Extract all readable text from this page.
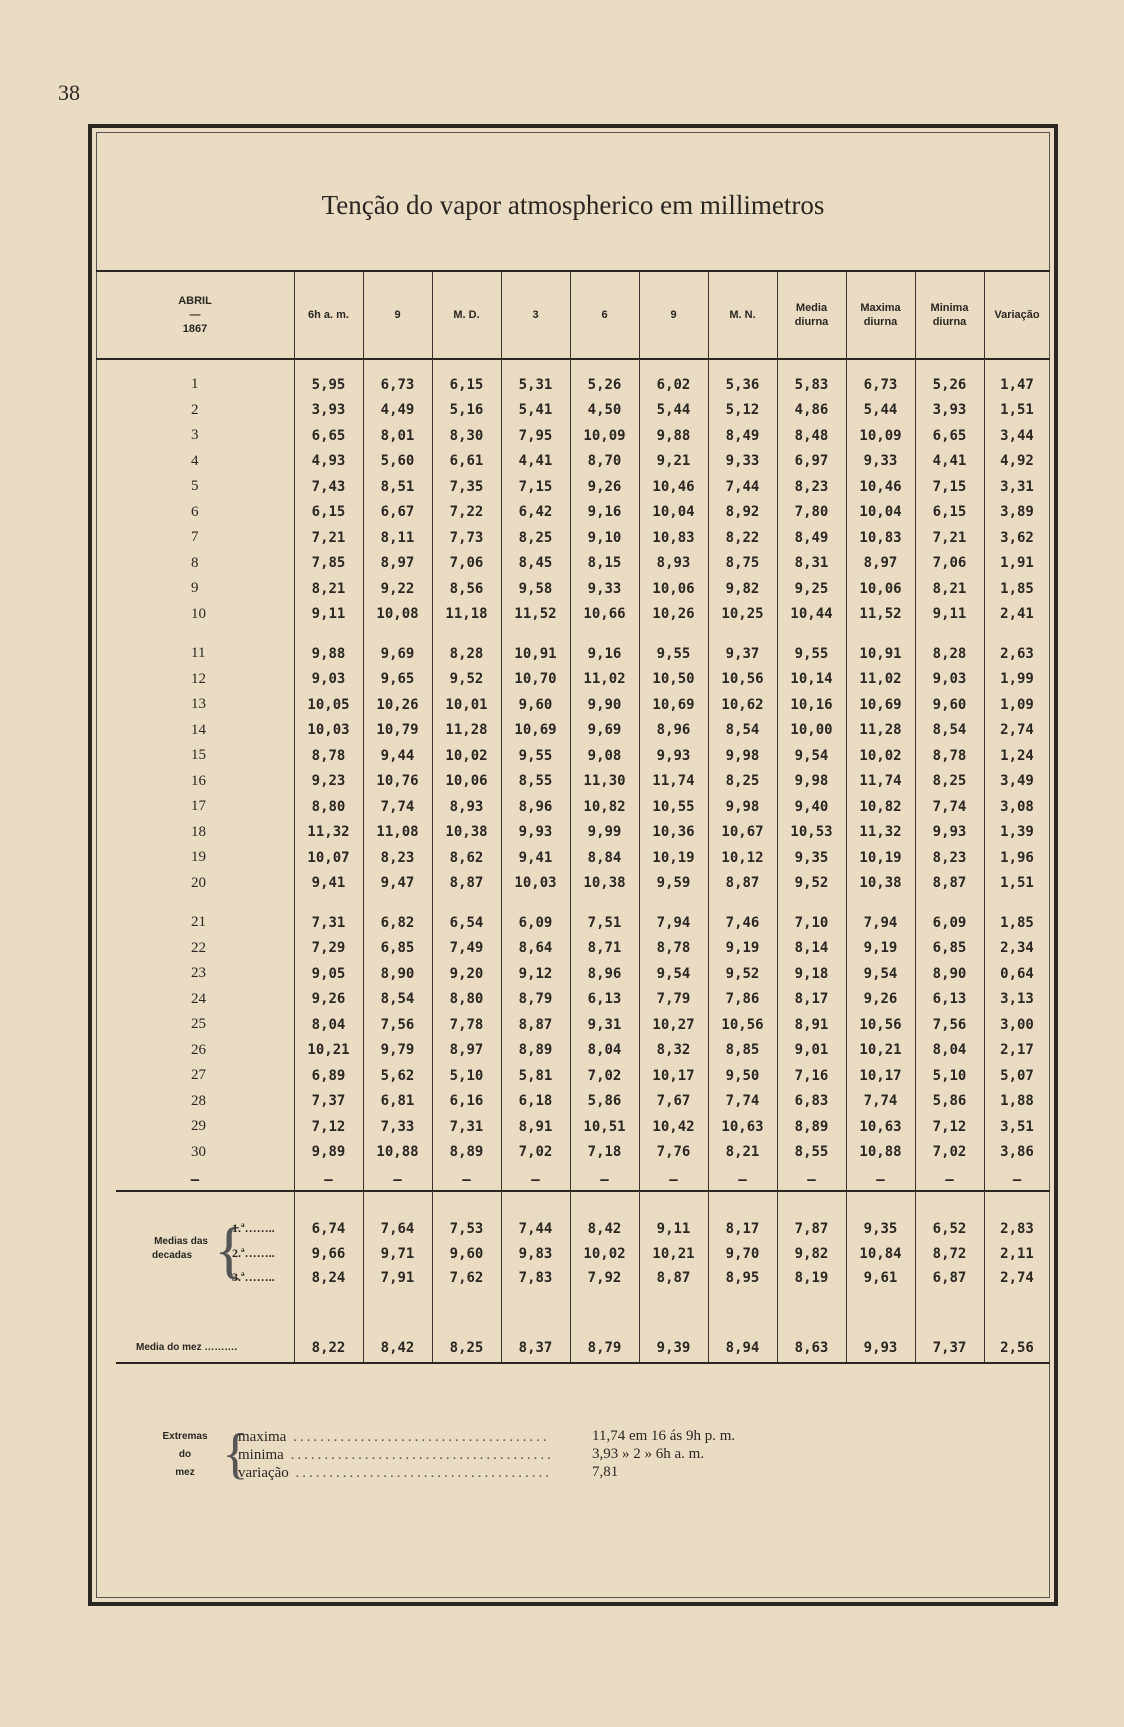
38
Tenção do vapor atmospherico em millimetros
ABRIL
—
1867	6h a. m.	9	M. D.	3	6	9	M. N.	Media diurna	Maxima diurna	Minima diurna	Variação

1	5,95	6,73	6,15	5,31	5,26	6,02	5,36	5,83	6,73	5,26	1,47
2	3,93	4,49	5,16	5,41	4,50	5,44	5,12	4,86	5,44	3,93	1,51
3	6,65	8,01	8,30	7,95	10,09	9,88	8,49	8,48	10,09	6,65	3,44
4	4,93	5,60	6,61	4,41	8,70	9,21	9,33	6,97	9,33	4,41	4,92
5	7,43	8,51	7,35	7,15	9,26	10,46	7,44	8,23	10,46	7,15	3,31
6	6,15	6,67	7,22	6,42	9,16	10,04	8,92	7,80	10,04	6,15	3,89
7	7,21	8,11	7,73	8,25	9,10	10,83	8,22	8,49	10,83	7,21	3,62
8	7,85	8,97	7,06	8,45	8,15	8,93	8,75	8,31	8,97	7,06	1,91
9	8,21	9,22	8,56	9,58	9,33	10,06	9,82	9,25	10,06	8,21	1,85
10	9,11	10,08	11,18	11,52	10,66	10,26	10,25	10,44	11,52	9,11	2,41

11	9,88	9,69	8,28	10,91	9,16	9,55	9,37	9,55	10,91	8,28	2,63
12	9,03	9,65	9,52	10,70	11,02	10,50	10,56	10,14	11,02	9,03	1,99
13	10,05	10,26	10,01	9,60	9,90	10,69	10,62	10,16	10,69	9,60	1,09
14	10,03	10,79	11,28	10,69	9,69	8,96	8,54	10,00	11,28	8,54	2,74
15	8,78	9,44	10,02	9,55	9,08	9,93	9,98	9,54	10,02	8,78	1,24
16	9,23	10,76	10,06	8,55	11,30	11,74	8,25	9,98	11,74	8,25	3,49
17	8,80	7,74	8,93	8,96	10,82	10,55	9,98	9,40	10,82	7,74	3,08
18	11,32	11,08	10,38	9,93	9,99	10,36	10,67	10,53	11,32	9,93	1,39
19	10,07	8,23	8,62	9,41	8,84	10,19	10,12	9,35	10,19	8,23	1,96
20	9,41	9,47	8,87	10,03	10,38	9,59	8,87	9,52	10,38	8,87	1,51

21	7,31	6,82	6,54	6,09	7,51	7,94	7,46	7,10	7,94	6,09	1,85
22	7,29	6,85	7,49	8,64	8,71	8,78	9,19	8,14	9,19	6,85	2,34
23	9,05	8,90	9,20	9,12	8,96	9,54	9,52	9,18	9,54	8,90	0,64
24	9,26	8,54	8,80	8,79	6,13	7,79	7,86	8,17	9,26	6,13	3,13
25	8,04	7,56	7,78	8,87	9,31	10,27	10,56	8,91	10,56	7,56	3,00
26	10,21	9,79	8,97	8,89	8,04	8,32	8,85	9,01	10,21	8,04	2,17
27	6,89	5,62	5,10	5,81	7,02	10,17	9,50	7,16	10,17	5,10	5,07
28	7,37	6,81	6,16	6,18	5,86	7,67	7,74	6,83	7,74	5,86	1,88
29	7,12	7,33	7,31	8,91	10,51	10,42	10,63	8,89	10,63	7,12	3,51
30	9,89	10,88	8,89	7,02	7,18	7,76	8,21	8,55	10,88	7,02	3,86
—	—	—	—	—	—	—	—	—	—	—	—

Medias das
decadas {
1.ª……..	6,74	7,64	7,53	7,44	8,42	9,11	8,17	7,87	9,35	6,52	2,83

2.ª……..	9,66	9,71	9,60	9,83	10,02	10,21	9,70	9,82	10,84	8,72	2,11

3.ª……..	8,24	7,91	7,62	7,83	7,92	8,87	8,95	8,19	9,61	6,87	2,74

Media do mez ……….	8,22	8,42	8,25	8,37	8,79	9,39	8,94	8,63	9,93	7,37	2,56
Extremas
do
mez {
maxima ......................................	11,74 em 16 ás 9h p. m.
minima .......................................	3,93 » 2 » 6h a. m.
variação ......................................	7,81
